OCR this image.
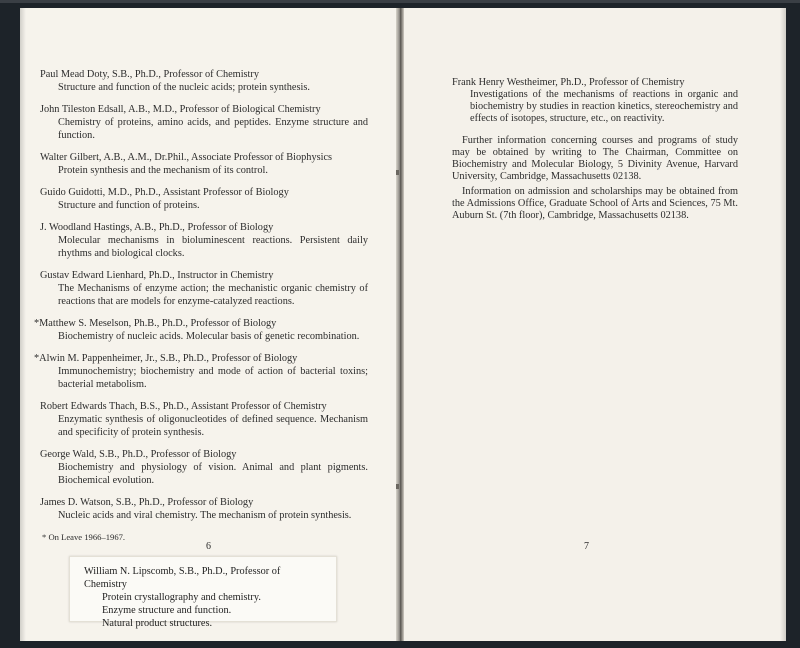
Paul Mead Doty, S.B., Ph.D., Professor of Chemistry
Structure and function of the nucleic acids; protein synthesis.
John Tileston Edsall, A.B., M.D., Professor of Biological Chemistry
Chemistry of proteins, amino acids, and peptides. Enzyme structure and function.
Walter Gilbert, A.B., A.M., Dr.Phil., Associate Professor of Biophysics
Protein synthesis and the mechanism of its control.
Guido Guidotti, M.D., Ph.D., Assistant Professor of Biology
Structure and function of proteins.
J. Woodland Hastings, A.B., Ph.D., Professor of Biology
Molecular mechanisms in bioluminescent reactions. Persistent daily rhythms and biological clocks.
Gustav Edward Lienhard, Ph.D., Instructor in Chemistry
The Mechanisms of enzyme action; the mechanistic organic chemistry of reactions that are models for enzyme-catalyzed reactions.
*Matthew S. Meselson, Ph.B., Ph.D., Professor of Biology
Biochemistry of nucleic acids. Molecular basis of genetic recombination.
*Alwin M. Pappenheimer, Jr., S.B., Ph.D., Professor of Biology
Immunochemistry; biochemistry and mode of action of bacterial toxins; bacterial metabolism.
Robert Edwards Thach, B.S., Ph.D., Assistant Professor of Chemistry
Enzymatic synthesis of oligonucleotides of defined sequence. Mechanism and specificity of protein synthesis.
George Wald, S.B., Ph.D., Professor of Biology
Biochemistry and physiology of vision. Animal and plant pigments. Biochemical evolution.
James D. Watson, S.B., Ph.D., Professor of Biology
Nucleic acids and viral chemistry. The mechanism of protein synthesis.
* On Leave 1966–1967.
6	7
William N. Lipscomb, S.B., Ph.D., Professor of Chemistry
Protein crystallography and chemistry.
Enzyme structure and function.
Natural product structures.
Frank Henry Westheimer, Ph.D., Professor of Chemistry
Investigations of the mechanisms of reactions in organic and biochemistry by studies in reaction kinetics, stereochemistry and effects of isotopes, structure, etc., on reactivity.
Further information concerning courses and programs of study may be obtained by writing to The Chairman, Committee on Biochemistry and Molecular Biology, 5 Divinity Avenue, Harvard University, Cambridge, Massachusetts 02138.
Information on admission and scholarships may be obtained from the Admissions Office, Graduate School of Arts and Sciences, 75 Mt. Auburn St. (7th floor), Cambridge, Massachusetts 02138.
